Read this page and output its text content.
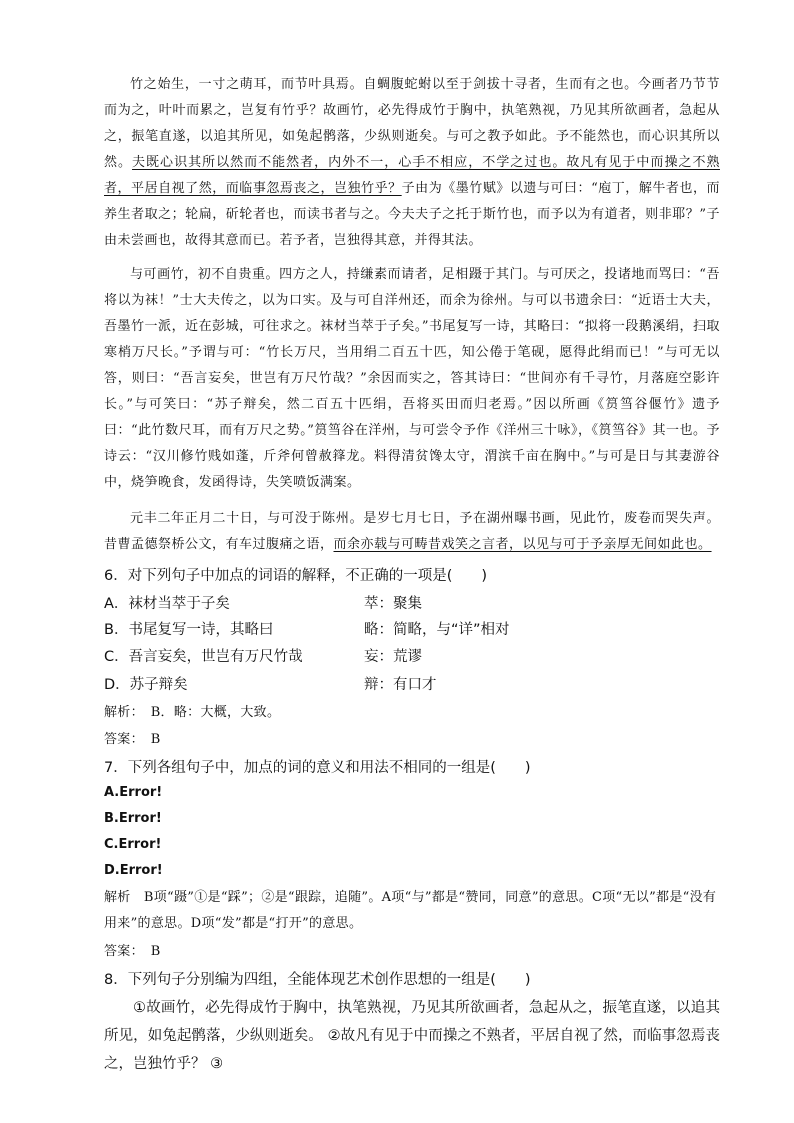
竹之始生，一寸之萌耳，而节叶具焉。自蜩腹蛇蚹以至于剑拔十寻者，生而有之也。今画者乃节节而为之，叶叶而累之，岂复有竹乎？故画竹，必先得成竹于胸中，执笔熟视，乃见其所欲画者，急起从之，振笔直遂，以追其所见，如兔起鹘落，少纵则逝矣。与可之教予如此。予不能然也，而心识其所以然。夫既心识其所以然而不能然者，内外不一，心手不相应，不学之过也。故凡有见于中而操之不熟者，平居自视了然，而临事忽焉丧之，岂独竹乎？子由为《墨竹赋》以遗与可曰：“庖丁，解牛者也，而养生者取之；轮扁，斫轮者也，而读书者与之。今夫夫子之托于斯竹也，而予以为有道者，则非耶？”子由未尝画也，故得其意而已。若予者，岂独得其意，并得其法。

与可画竹，初不自贵重。四方之人，持缣素而请者，足相蹑于其门。与可厌之，投诸地而骂曰：“吾将以为袜！”士大夫传之，以为口实。及与可自洋州还，而余为徐州。与可以书遗余曰：“近语士大夫，吾墨竹一派，近在彭城，可往求之。袜材当萃于子矣。”书尾复写一诗，其略曰：“拟将一段鹅溪绢，扫取寒梢万尺长。”予谓与可：“竹长万尺，当用绢二百五十匹，知公倦于笔砚，愿得此绢而已！”与可无以答，则曰：“吾言妄矣，世岂有万尺竹哉？”余因而实之，答其诗曰：“世间亦有千寻竹，月落庭空影许长。”与可笑曰：“苏子辩矣，然二百五十匹绢，吾将买田而归老焉。”因以所画《筼筜谷偃竹》遗予曰：“此竹数尺耳，而有万尺之势。”筼筜谷在洋州，与可尝令予作《洋州三十咏》，《筼筜谷》其一也。予诗云：“汉川修竹贱如蓬，斤斧何曾赦箨龙。料得清贫馋太守，渭滨千亩在胸中。”与可是日与其妻游谷中，烧笋晚食，发函得诗，失笑喷饭满案。

元丰二年正月二十日，与可没于陈州。是岁七月七日，予在湖州曝书画，见此竹，废卷而哭失声。昔曹孟德祭桥公文，有车过腹痛之语，而余亦载与可畴昔戏笑之言者，以见与可于予亲厚无间如此也。

6．对下列句子中加点的词语的解释，不正确的一项是(　　)

A．袜材当萃于子矣	萃：聚集
B．书尾复写一诗，其略曰	略：简略，与“详”相对
C．吾言妄矣，世岂有万尺竹哉	妄：荒谬
D．苏子辩矣	辩：有口才

解析：　B．略：大概，大致。

答案：　B

7．下列各组句子中，加点的词的意义和用法不相同的一组是(　　)

A.Error!
B.Error!
C.Error!
D.Error!

解析　B项“蹑”①是“踩”；②是“跟踪，追随”。A项“与”都是“赞同，同意”的意思。C项“无以”都是“没有用来”的意思。D项“发”都是“打开”的意思。

答案：　B

8．下列句子分别编为四组，全能体现艺术创作思想的一组是(　　)

①故画竹，必先得成竹于胸中，执笔熟视，乃见其所欲画者，急起从之，振笔直遂，以追其所见，如兔起鹘落，少纵则逝矣。 ②故凡有见于中而操之不熟者，平居自视了然，而临事忽焉丧之，岂独竹乎？ ③
